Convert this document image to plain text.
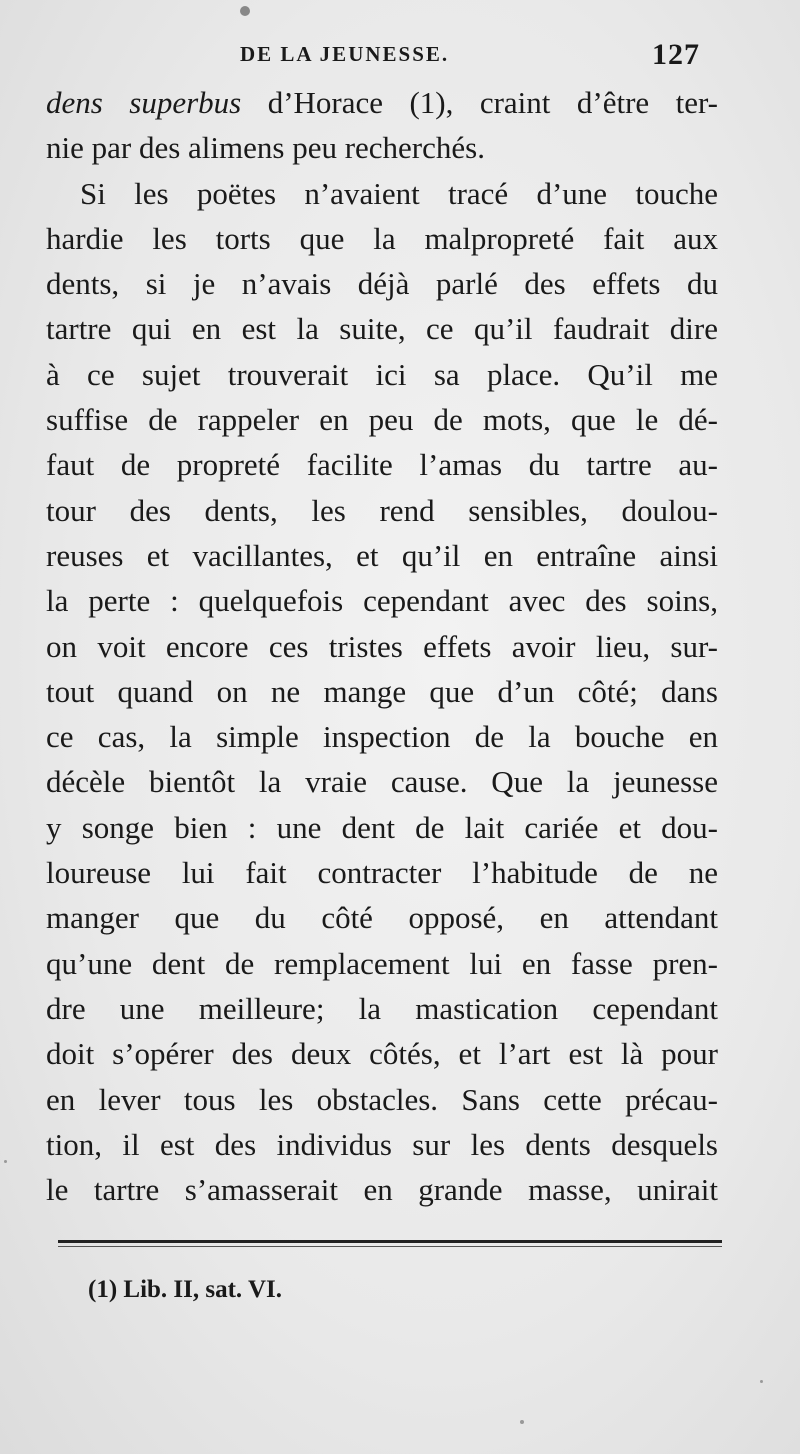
DE LA JEUNESSE.	127
dens superbus d’Horace (1), craint d’être ter-
nie par des alimens peu recherchés.
Si les poëtes n’avaient tracé d’une touche
hardie les torts que la malpropreté fait aux
dents, si je n’avais déjà parlé des effets du
tartre qui en est la suite, ce qu’il faudrait dire
à ce sujet trouverait ici sa place. Qu’il me
suffise de rappeler en peu de mots, que le dé-
faut de propreté facilite l’amas du tartre au-
tour des dents, les rend sensibles, doulou-
reuses et vacillantes, et qu’il en entraîne ainsi
la perte : quelquefois cependant avec des soins,
on voit encore ces tristes effets avoir lieu, sur-
tout quand on ne mange que d’un côté; dans
ce cas, la simple inspection de la bouche en
décèle bientôt la vraie cause. Que la jeunesse
y songe bien : une dent de lait cariée et dou-
loureuse lui fait contracter l’habitude de ne
manger que du côté opposé, en attendant
qu’une dent de remplacement lui en fasse pren-
dre une meilleure; la mastication cependant
doit s’opérer des deux côtés, et l’art est là pour
en lever tous les obstacles. Sans cette précau-
tion, il est des individus sur les dents desquels
le tartre s’amasserait en grande masse, unirait
(1) Lib. II, sat. VI.
